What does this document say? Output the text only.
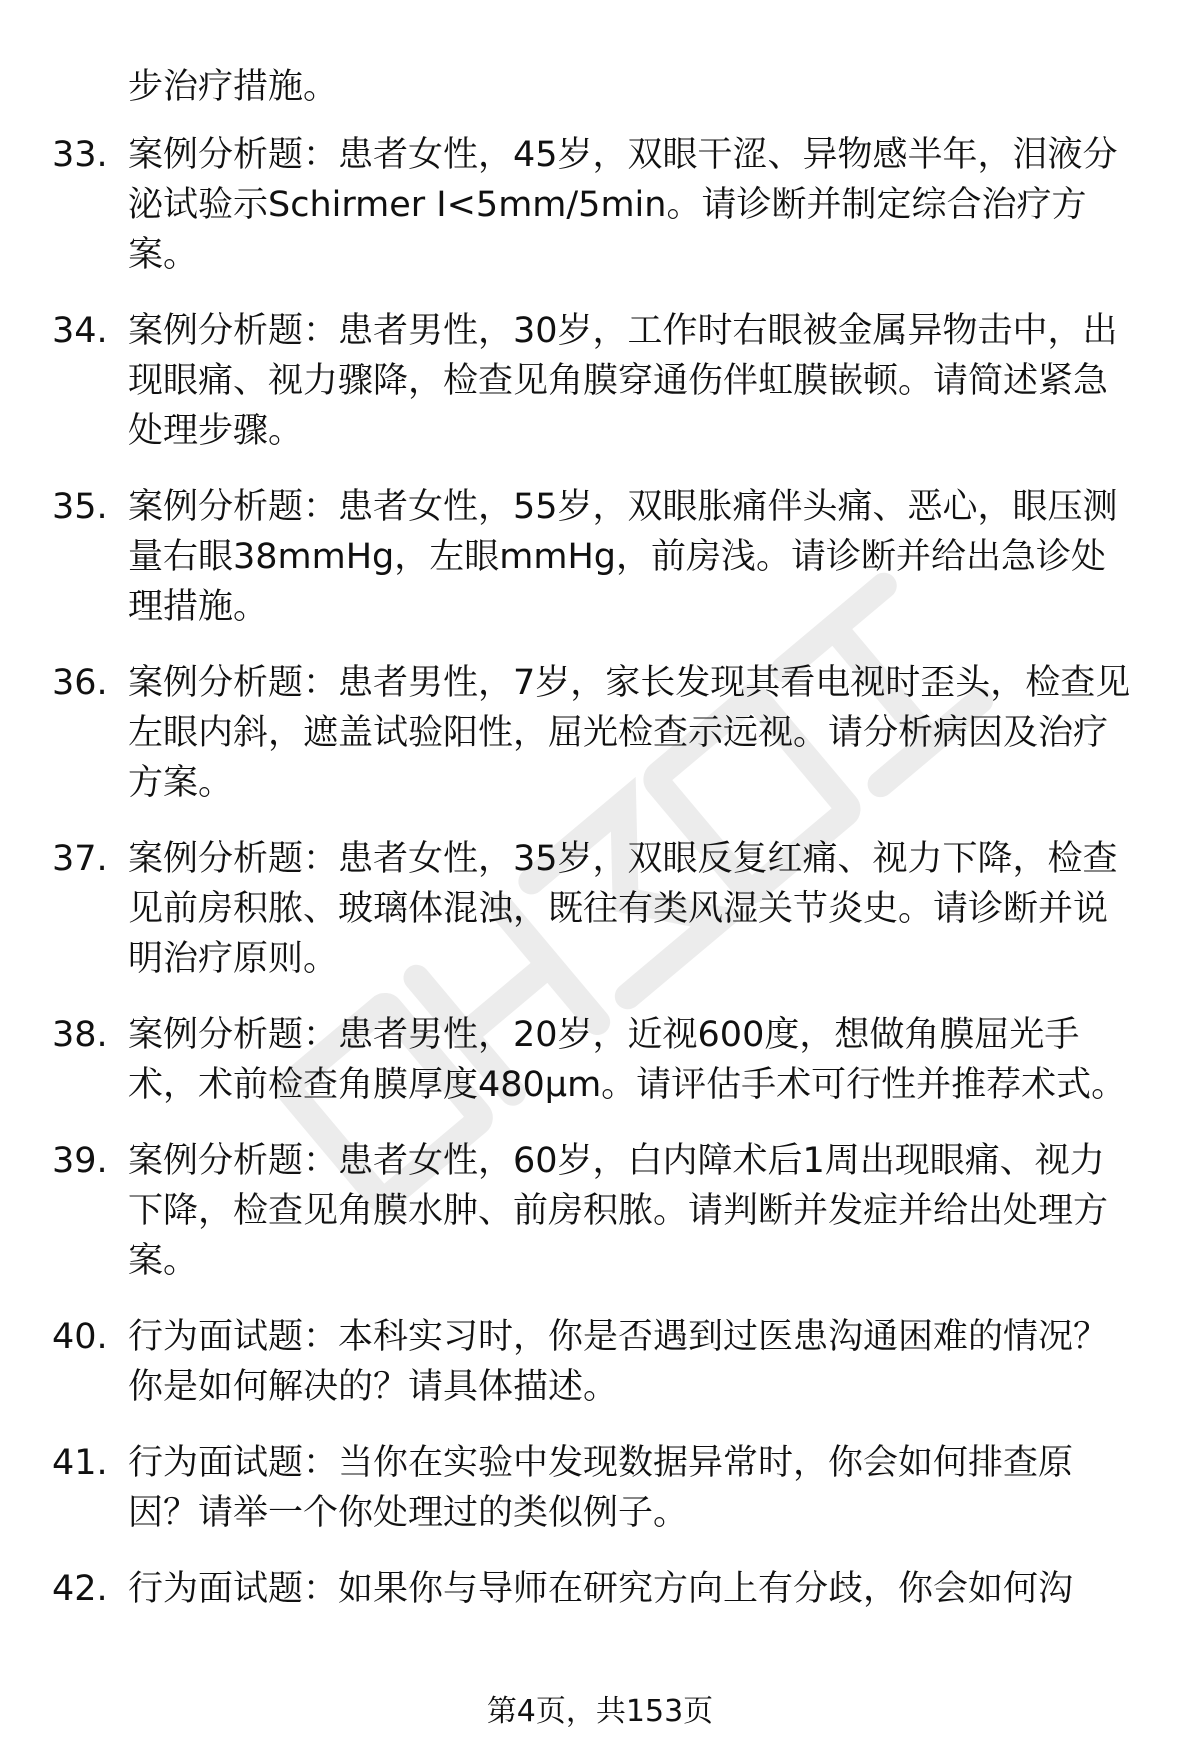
步治疗措施。
33. 案例分析题：患者女性，45岁，双眼干涩、异物感半年，泪液分
泌试验示Schirmer I<5mm/5min。请诊断并制定综合治疗方
案。
34. 案例分析题：患者男性，30岁，工作时右眼被金属异物击中，出
现眼痛、视力骤降，检查见角膜穿通伤伴虹膜嵌顿。请简述紧急
处理步骤。
35. 案例分析题：患者女性，55岁，双眼胀痛伴头痛、恶心，眼压测
量右眼38mmHg，左眼mmHg，前房浅。请诊断并给出急诊处
理措施。
36. 案例分析题：患者男性，7岁，家长发现其看电视时歪头，检查见
左眼内斜，遮盖试验阳性，屈光检查示远视。请分析病因及治疗
方案。
37. 案例分析题：患者女性，35岁，双眼反复红痛、视力下降，检查
见前房积脓、玻璃体混浊，既往有类风湿关节炎史。请诊断并说
明治疗原则。
38. 案例分析题：患者男性，20岁，近视600度，想做角膜屈光手
术，术前检查角膜厚度480μm。请评估手术可行性并推荐术式。
39. 案例分析题：患者女性，60岁，白内障术后1周出现眼痛、视力
下降，检查见角膜水肿、前房积脓。请判断并发症并给出处理方
案。
40. 行为面试题：本科实习时，你是否遇到过医患沟通困难的情况？
你是如何解决的？请具体描述。
41. 行为面试题：当你在实验中发现数据异常时，你会如何排查原
因？请举一个你处理过的类似例子。
42. 行为面试题：如果你与导师在研究方向上有分歧，你会如何沟
第4页，共153页
